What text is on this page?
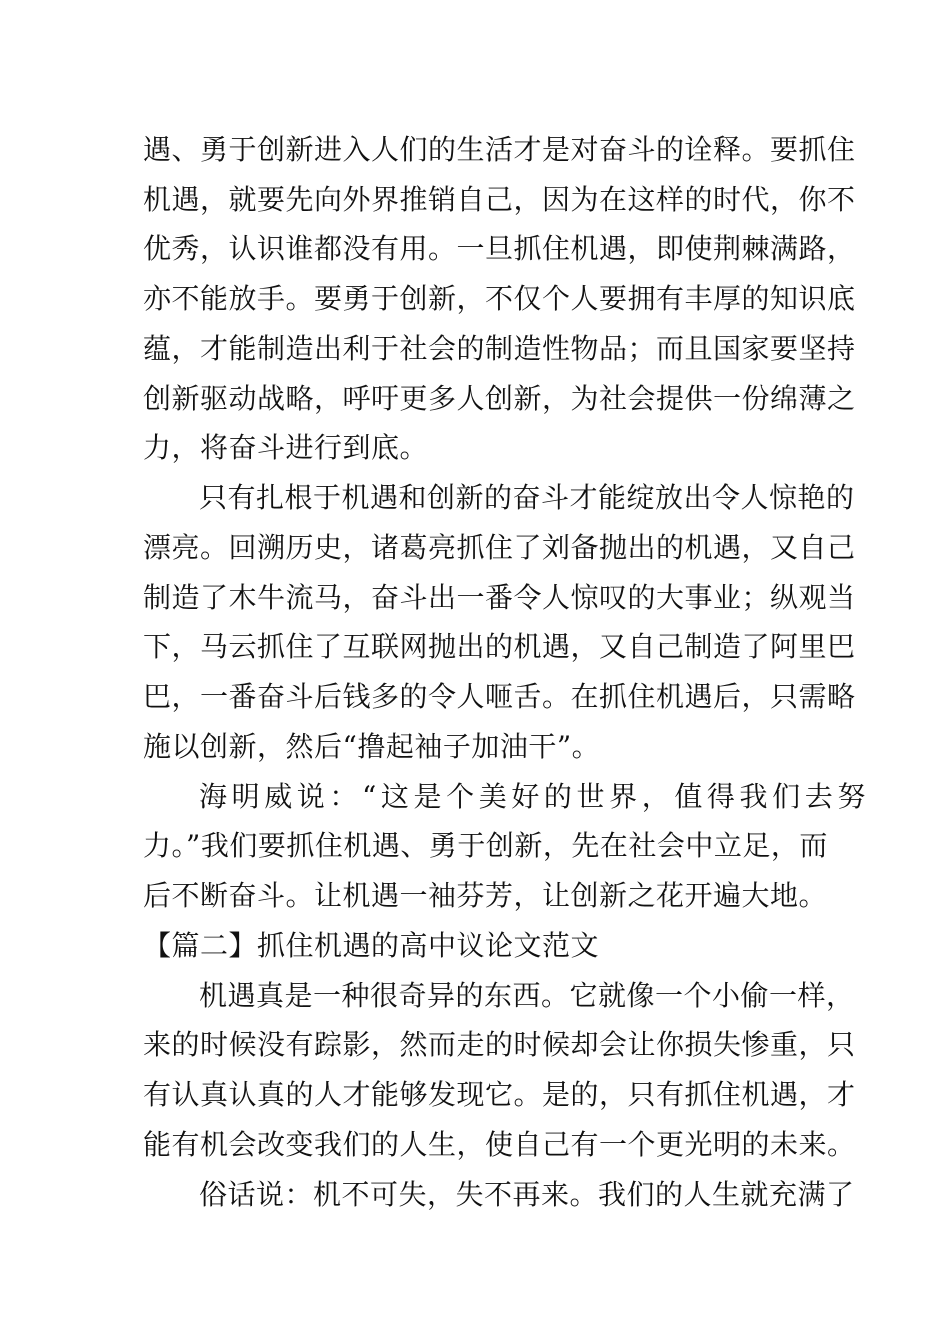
遇、勇于创新进入人们的生活才是对奋斗的诠释。要抓住
机遇，就要先向外界推销自己，因为在这样的时代，你不
优秀，认识谁都没有用。一旦抓住机遇，即使荆棘满路，
亦不能放手。要勇于创新，不仅个人要拥有丰厚的知识底
蕴，才能制造出利于社会的制造性物品；而且国家要坚持
创新驱动战略，呼吁更多人创新，为社会提供一份绵薄之
力，将奋斗进行到底。
只有扎根于机遇和创新的奋斗才能绽放出令人惊艳的
漂亮。回溯历史，诸葛亮抓住了刘备抛出的机遇，又自己
制造了木牛流马，奋斗出一番令人惊叹的大事业；纵观当
下，马云抓住了互联网抛出的机遇，又自己制造了阿里巴
巴，一番奋斗后钱多的令人咂舌。在抓住机遇后，只需略
施以创新，然后“撸起袖子加油干”。
海明威说：“这是个美好的世界，值得我们去努
力。”我们要抓住机遇、勇于创新，先在社会中立足，而
后不断奋斗。让机遇一袖芬芳，让创新之花开遍大地。
【篇二】抓住机遇的高中议论文范文
机遇真是一种很奇异的东西。它就像一个小偷一样，
来的时候没有踪影，然而走的时候却会让你损失惨重，只
有认真认真的人才能够发现它。是的，只有抓住机遇，才
能有机会改变我们的人生，使自己有一个更光明的未来。
俗话说：机不可失，失不再来。我们的人生就充满了
